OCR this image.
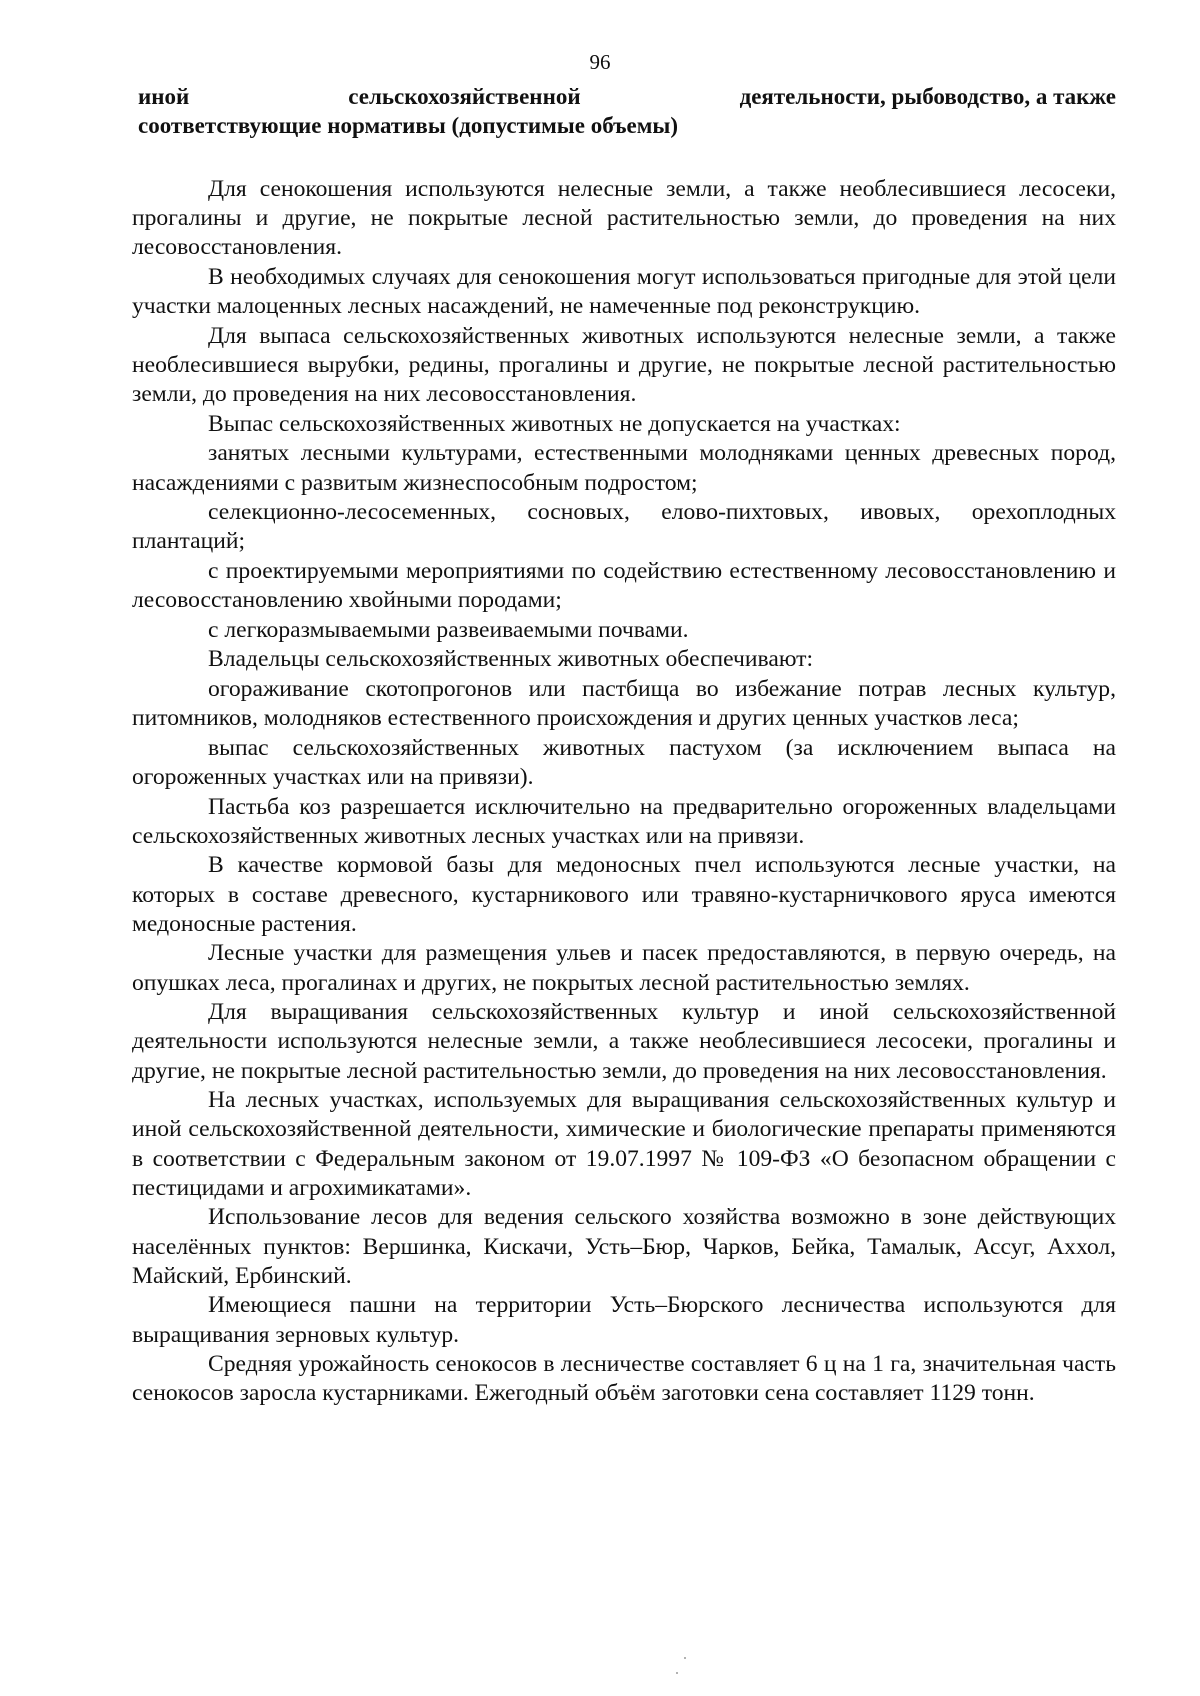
96
иной	сельскохозяйственной	деятельности, рыбоводство, а также
соответствующие нормативы (допустимые объемы)

Для сенокошения используются нелесные земли, а также необлесившиеся лесосеки, прогалины и другие, не покрытые лесной растительностью земли, до проведения на них лесовосстановления.

В необходимых случаях для сенокошения могут использоваться пригодные для этой цели участки малоценных лесных насаждений, не намеченные под реконструкцию.

Для выпаса сельскохозяйственных животных используются нелесные земли, а также необлесившиеся вырубки, редины, прогалины и другие, не покрытые лесной растительностью земли, до проведения на них лесовосстановления.

Выпас сельскохозяйственных животных не допускается на участках:

занятых лесными культурами, естественными молодняками ценных древесных пород, насаждениями с развитым жизнеспособным подростом;

селекционно-лесосеменных, сосновых, елово-пихтовых, ивовых, орехоплодных плантаций;

с проектируемыми мероприятиями по содействию естественному лесовосстановлению и лесовосстановлению хвойными породами;

с легкоразмываемыми развеиваемыми почвами.

Владельцы сельскохозяйственных животных обеспечивают:

огораживание скотопрогонов или пастбища во избежание потрав лесных культур, питомников, молодняков естественного происхождения и других ценных участков леса;

выпас сельскохозяйственных животных пастухом (за исключением выпаса на огороженных участках или на привязи).

Пастьба коз разрешается исключительно на предварительно огороженных владельцами сельскохозяйственных животных лесных участках или на привязи.

В качестве кормовой базы для медоносных пчел используются лесные участки, на которых в составе древесного, кустарникового или травяно-кустарничкового яруса имеются медоносные растения.

Лесные участки для размещения ульев и пасек предоставляются, в первую очередь, на опушках леса, прогалинах и других, не покрытых лесной растительностью землях.

Для выращивания сельскохозяйственных культур и иной сельскохозяйственной деятельности используются нелесные земли, а также необлесившиеся лесосеки, прогалины и другие, не покрытые лесной растительностью земли, до проведения на них лесовосстановления.

На лесных участках, используемых для выращивания сельскохозяйственных культур и иной сельскохозяйственной деятельности, химические и биологические препараты применяются в соответствии с Федеральным законом от 19.07.1997 № 109-ФЗ «О безопасном обращении с пестицидами и агрохимикатами».

Использование лесов для ведения сельского хозяйства возможно в зоне действующих населённых пунктов: Вершинка, Кискачи, Усть–Бюр, Чарков, Бейка, Тамалык, Ассуг, Аххол, Майский, Ербинский.

Имеющиеся пашни на территории Усть–Бюрского лесничества используются для выращивания зерновых культур.

Средняя урожайность сенокосов в лесничестве составляет 6 ц на 1 га, значительная часть сенокосов заросла кустарниками. Ежегодный объём заготовки сена составляет 1129 тонн.
